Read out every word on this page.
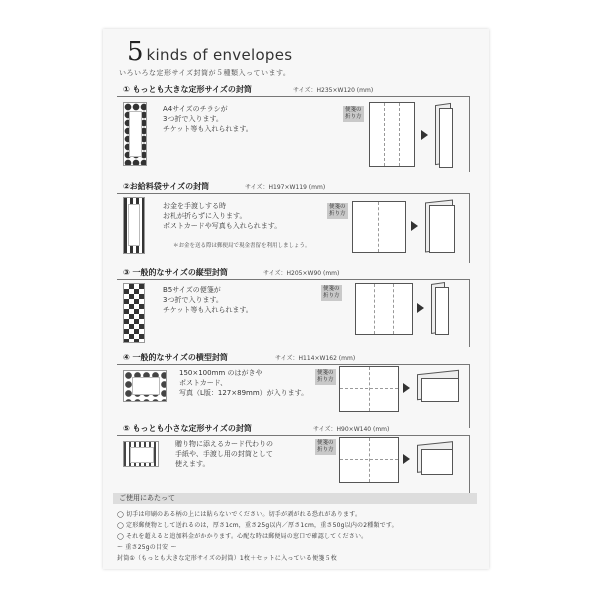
5 kinds of envelopes
いろいろな定形サイズ封筒が５種類入っています。
① もっとも大きな定形サイズの封筒	サイズ：H235×W120 (mm)
A4サイズのチラシが
3つ折で入ります。
チケット等も入れられます。
便箋の
折り方
②お給料袋サイズの封筒	サイズ：H197×W119 (mm)
お金を手渡しする時
お札が折らずに入ります。
ポストカードや写真も入れられます。
＊お金を送る際は郵便局で現金書留を利用しましょう。
便箋の
折り方
③ 一般的なサイズの縦型封筒	サイズ：H205×W90 (mm)
B5サイズの便箋が
3つ折で入ります。
チケット等も入れられます。
便箋の
折り方
④ 一般的なサイズの横型封筒	サイズ：H114×W162 (mm)
150×100mm のはがきや
ポストカード、
写真（L版：127×89mm）が入ります。
便箋の
折り方
⑤ もっとも小さな定形サイズの封筒	サイズ：H90×W140 (mm)
贈り物に添えるカード代わりの
手紙や、手渡し用の封筒として
使えます。
便箋の
折り方
ご使用にあたって
◯ 切手は印刷のある柄の上には貼らないでください。切手が剥がれる恐れがあります。
◯ 定形郵便物として送れるのは，厚さ1cm，重さ25g以内／厚さ1cm，重さ50g以内の2種類です。
◯ それを超えると追加料金がかかります。心配な時は郵便局の窓口で確認してください。
ー 重さ25gの目安 ー
封筒①（もっとも大きな定形サイズの封筒）1枚＋セットに入っている便箋５枚
